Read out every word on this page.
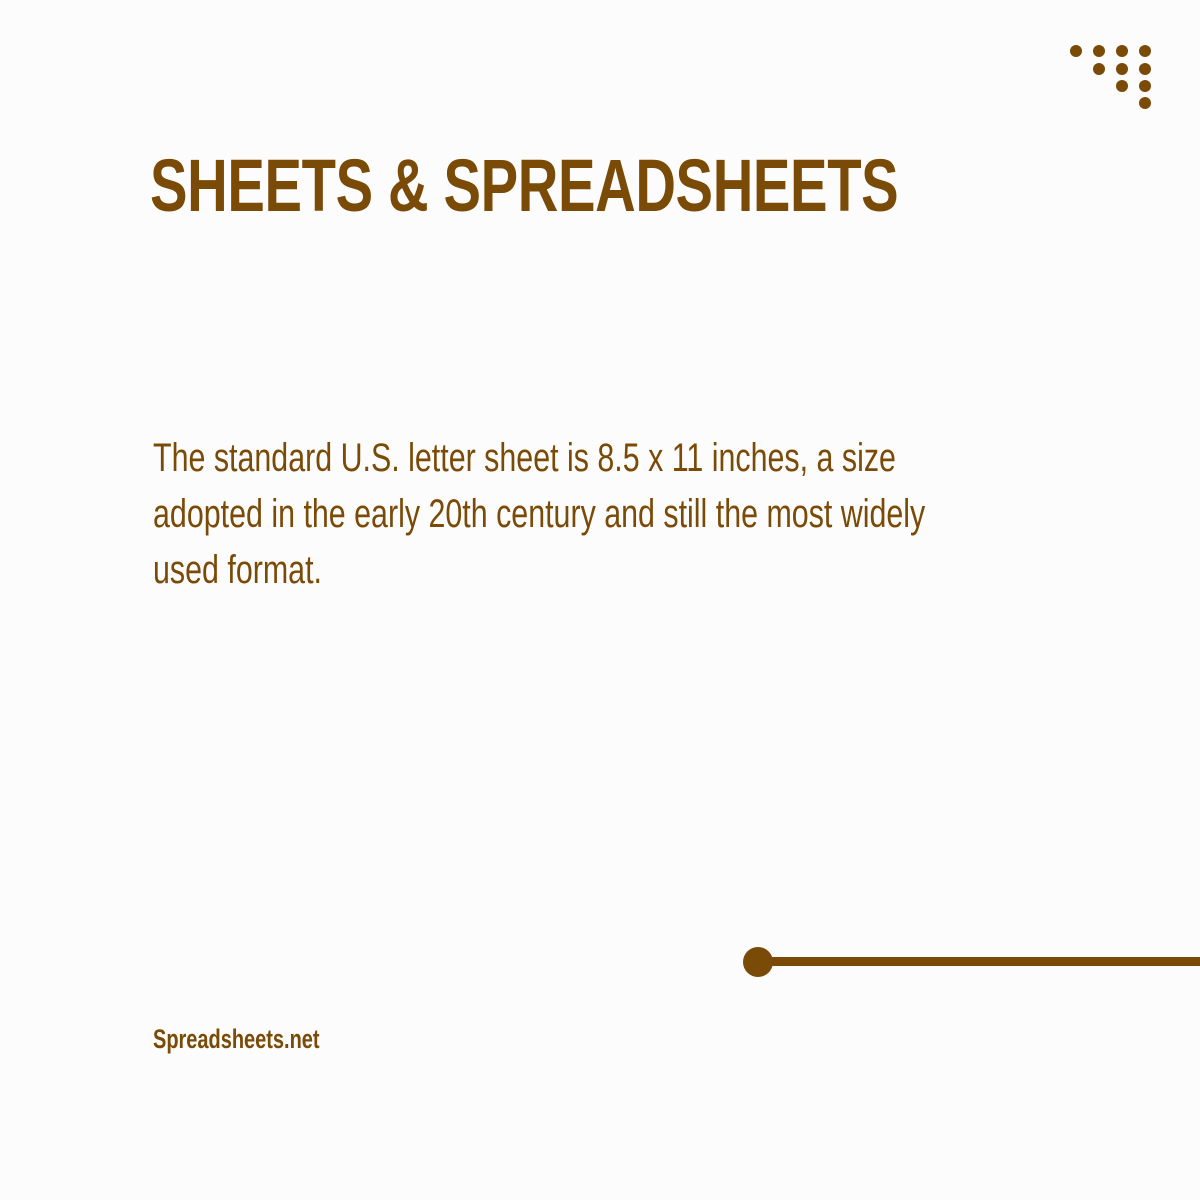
SHEETS & SPREADSHEETS

The standard U.S. letter sheet is 8.5 x 11 inches, a size adopted in the early 20th century and still the most widely used format.

Spreadsheets.net
